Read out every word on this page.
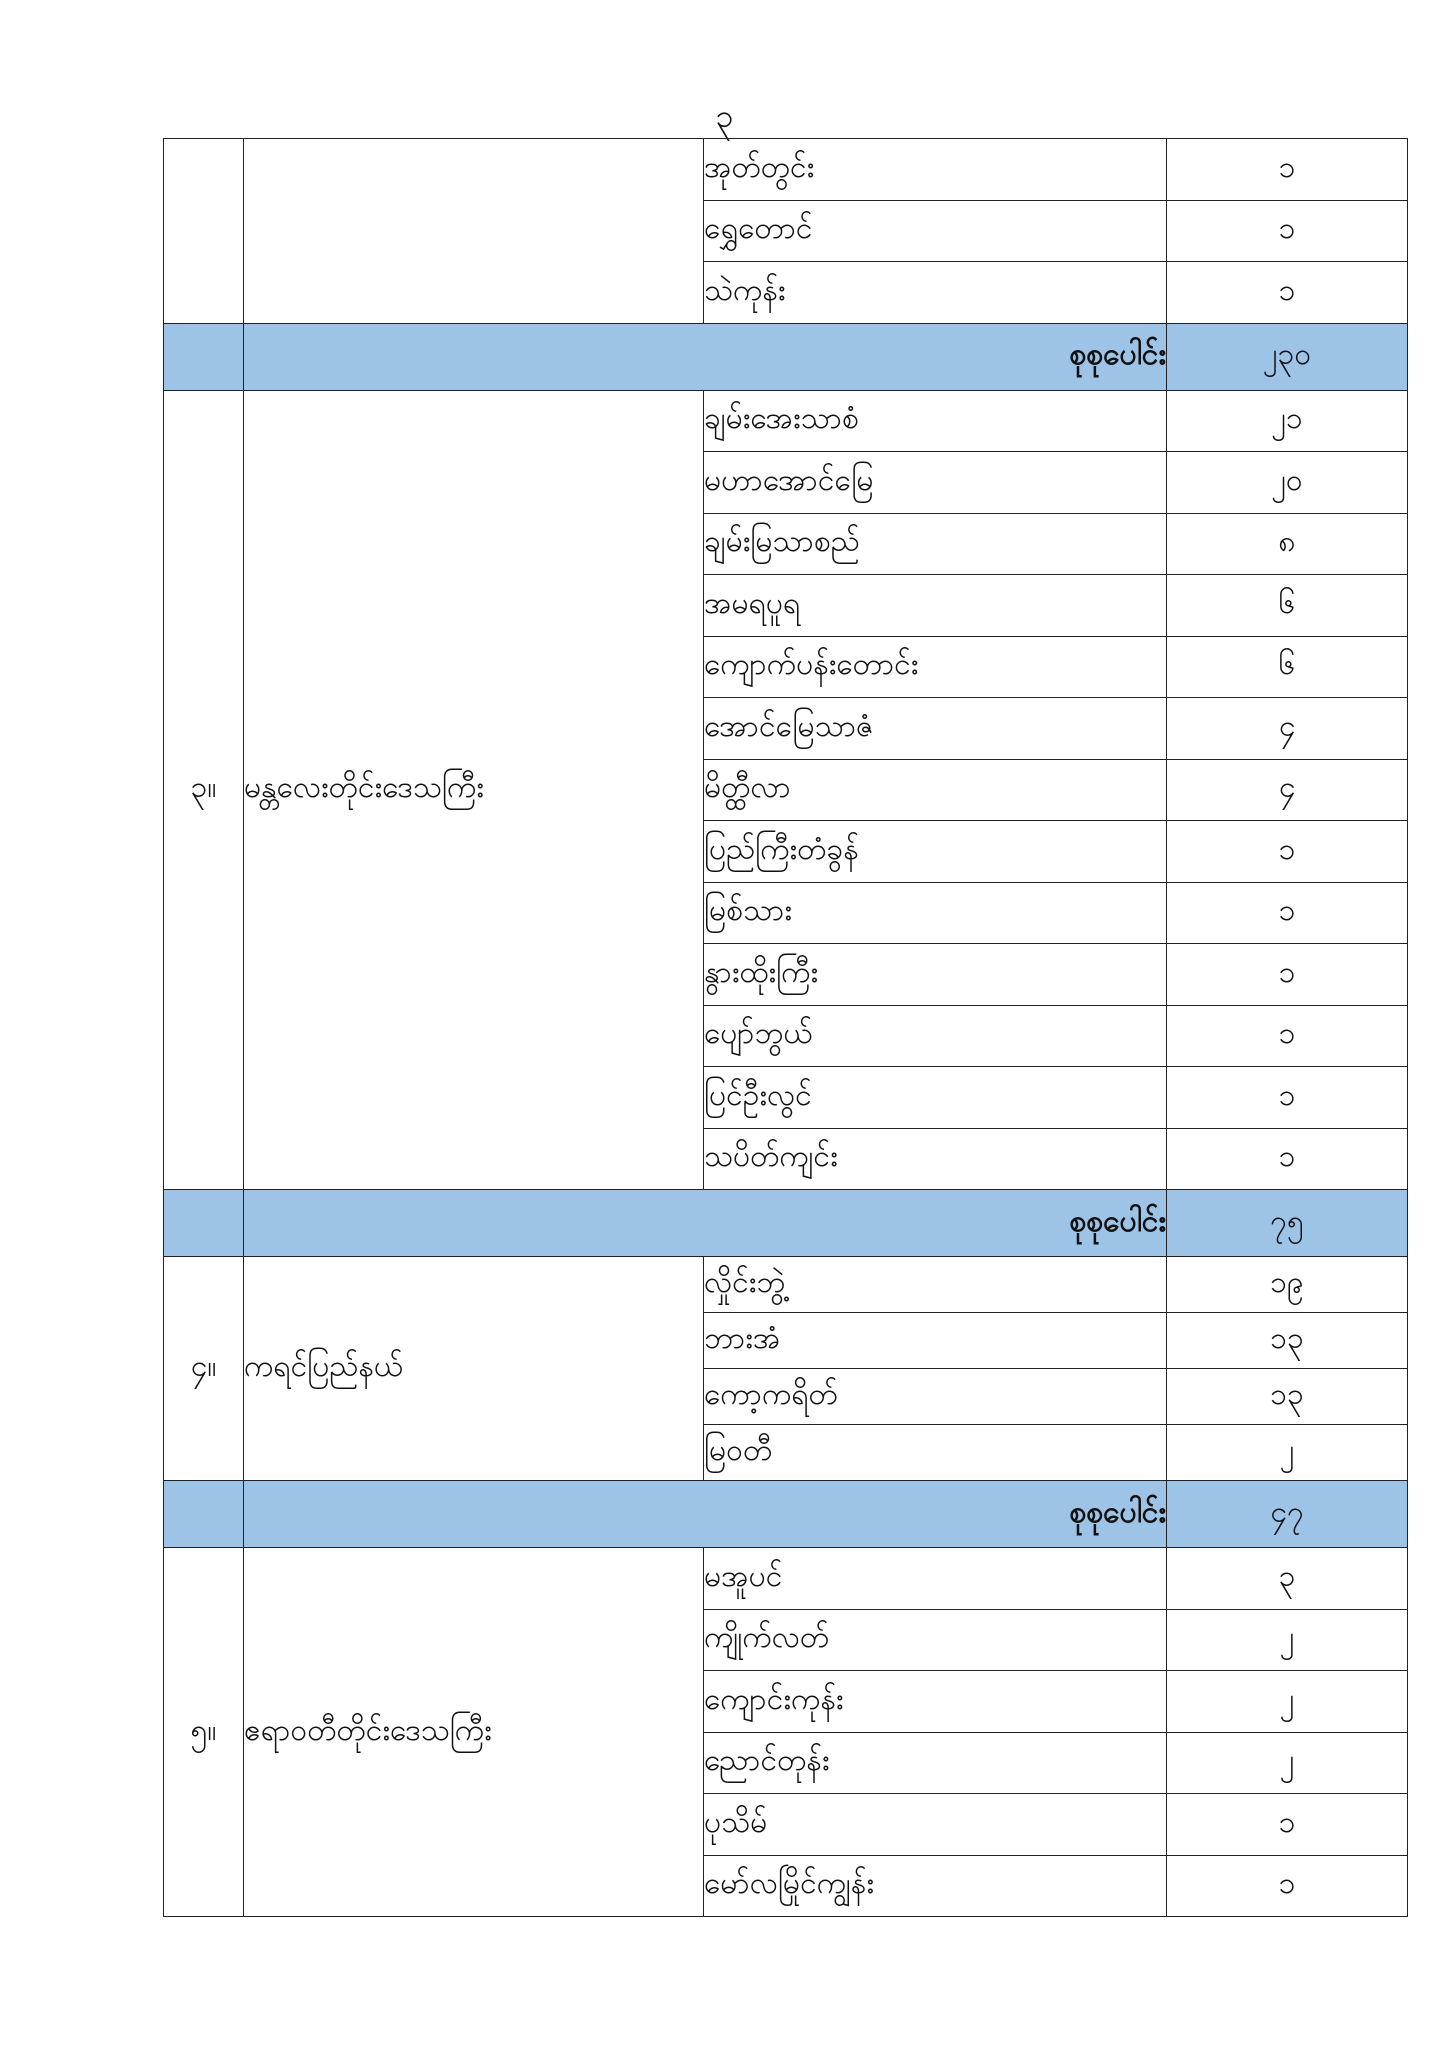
၃
		အုတ်တွင်း	၁
		ရွှေတောင်	၁
		သဲကုန်း	၁
	စုစုပေါင်း		၂၃၀
၃။	မန္တလေးတိုင်းဒေသကြီး	ချမ်းအေးသာစံ	၂၁
		မဟာအောင်မြေ	၂၀
		ချမ်းမြသာစည်	၈
		အမရပူရ	၆
		ကျောက်ပန်းတောင်း	၆
		အောင်မြေသာဇံ	၄
		မိတ္ထီလာ	၄
		ပြည်ကြီးတံခွန်	၁
		မြစ်သား	၁
		နွားထိုးကြီး	၁
		ပျော်ဘွယ်	၁
		ပြင်ဦးလွင်	၁
		သပိတ်ကျင်း	၁
	စုစုပေါင်း		၇၅
၄။	ကရင်ပြည်နယ်	လှိုင်းဘွဲ့	၁၉
		ဘားအံ	၁၃
		ကော့ကရိတ်	၁၃
		မြဝတီ	၂
	စုစုပေါင်း		၄၇
၅။	ဧရာဝတီတိုင်းဒေသကြီး	မအူပင်	၃
		ကျိုက်လတ်	၂
		ကျောင်းကုန်း	၂
		ညောင်တုန်း	၂
		ပုသိမ်	၁
		မော်လမြိုင်ကျွန်း	၁
